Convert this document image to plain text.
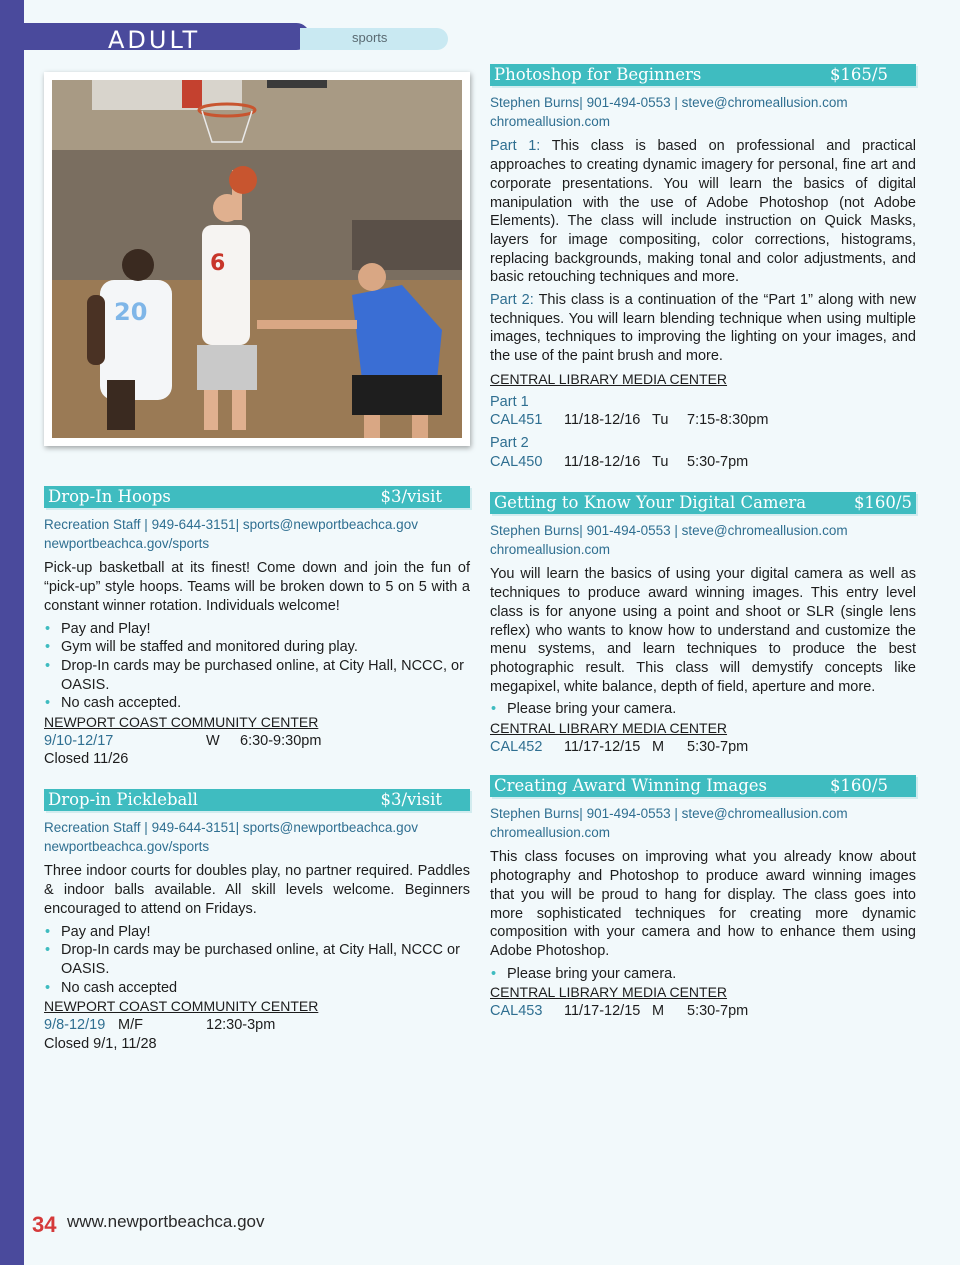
ADULT	sports
20
6
Drop-In Hoops	$3/visit
Recreation Staff | 949-644-3151| sports@newportbeachca.gov
newportbeachca.gov/sports

Pick-up basketball at its finest! Come down and join the fun of “pick-up” style hoops. Teams will be broken down to 5 on 5 with a constant winner rotation. Individuals welcome!

• Pay and Play!
• Gym will be staffed and monitored during play.
• Drop-In cards may be purchased online, at City Hall, NCCC, or OASIS.
• No cash accepted.
NEWPORT COAST COMMUNITY CENTER
9/10-12/17	W	6:30-9:30pm
Closed 11/26
Drop-in Pickleball	$3/visit
Recreation Staff | 949-644-3151| sports@newportbeachca.gov
newportbeachca.gov/sports

Three indoor courts for doubles play, no partner required. Paddles & indoor balls available. All skill levels welcome. Beginners encouraged to attend on Fridays.

• Pay and Play!
• Drop-In cards may be purchased online, at City Hall, NCCC or OASIS.
• No cash accepted
NEWPORT COAST COMMUNITY CENTER
9/8-12/19 M/F	12:30-3pm
Closed 9/1, 11/28
Photoshop for Beginners	$165/5
Stephen Burns| 901-494-0553 | steve@chromeallusion.com
chromeallusion.com

Part 1: This class is based on professional and practical approaches to creating dynamic imagery for personal, fine art and corporate presentations. You will learn the basics of digital manipulation with the use of Adobe Photoshop (not Adobe Elements). The class will include instruction on Quick Masks, layers for image compositing, color corrections, histograms, replacing backgrounds, making tonal and color adjustments, and basic retouching techniques and more.

Part 2: This class is a continuation of the “Part 1” along with new techniques. You will learn blending technique when using multiple images, techniques to improving the lighting on your images, and the use of the paint brush and more.

CENTRAL LIBRARY MEDIA CENTER
Part 1
CAL451	11/18-12/16 Tu	7:15-8:30pm
Part 2
CAL450	11/18-12/16 Tu	5:30-7pm
Getting to Know Your Digital Camera	$160/5
Stephen Burns| 901-494-0553 | steve@chromeallusion.com
chromeallusion.com

You will learn the basics of using your digital camera as well as techniques to produce award winning images. This entry level class is for anyone using a point and shoot or SLR (single lens reflex) who wants to know how to understand and customize the menu systems, and learn techniques to produce the best photographic result. This class will demystify concepts like megapixel, white balance, depth of field, aperture and more.

• Please bring your camera.
CENTRAL LIBRARY MEDIA CENTER
CAL452	11/17-12/15 M	5:30-7pm
Creating Award Winning Images	$160/5
Stephen Burns| 901-494-0553 | steve@chromeallusion.com
chromeallusion.com

This class focuses on improving what you already know about photography and Photoshop to produce award winning images that you will be proud to hang for display. The class goes into more sophisticated techniques for creating more dynamic composition with your camera and how to enhance them using Adobe Photoshop.

• Please bring your camera.
CENTRAL LIBRARY MEDIA CENTER
CAL453	11/17-12/15 M	5:30-7pm
34 www.newportbeachca.gov
